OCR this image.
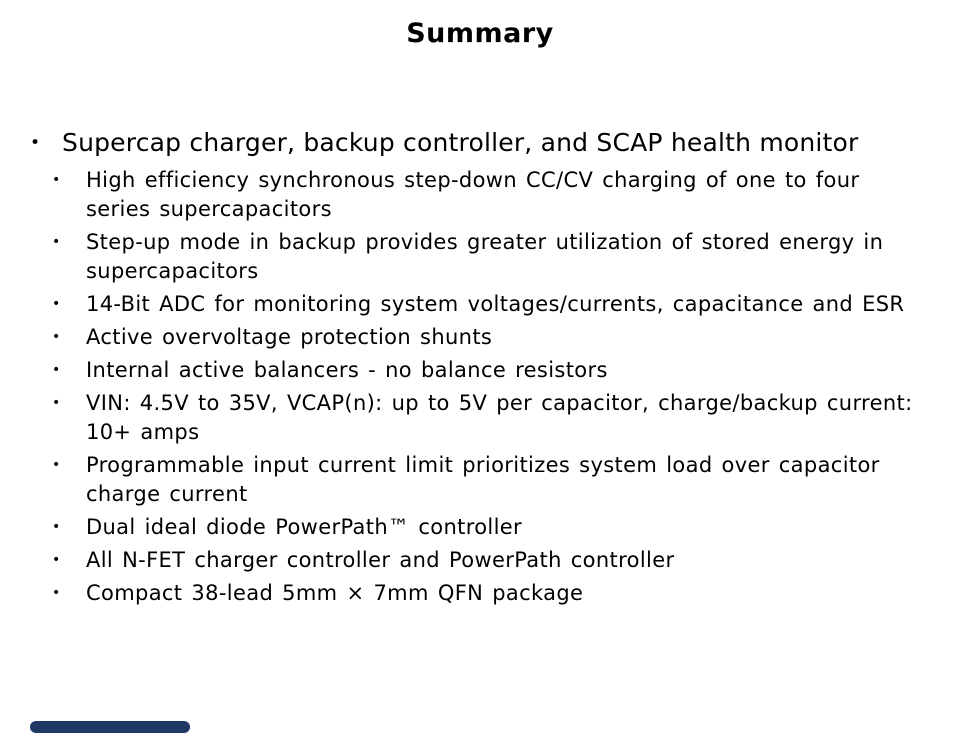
Summary
• Supercap charger, backup controller, and SCAP health monitor
•	High efficiency synchronous step-down CC/CV charging of one to four series supercapacitors
•	Step-up mode in backup provides greater utilization of stored energy in supercapacitors
•	14-Bit ADC for monitoring system voltages/currents, capacitance and ESR
•	Active overvoltage protection shunts
•	Internal active balancers - no balance resistors
•	VIN: 4.5V to 35V, VCAP(n): up to 5V per capacitor, charge/backup current: 10+ amps
•	Programmable input current limit prioritizes system load over capacitor charge current
•	Dual ideal diode PowerPath™ controller
•	All N-FET charger controller and PowerPath controller
•	Compact 38-lead 5mm × 7mm QFN package
